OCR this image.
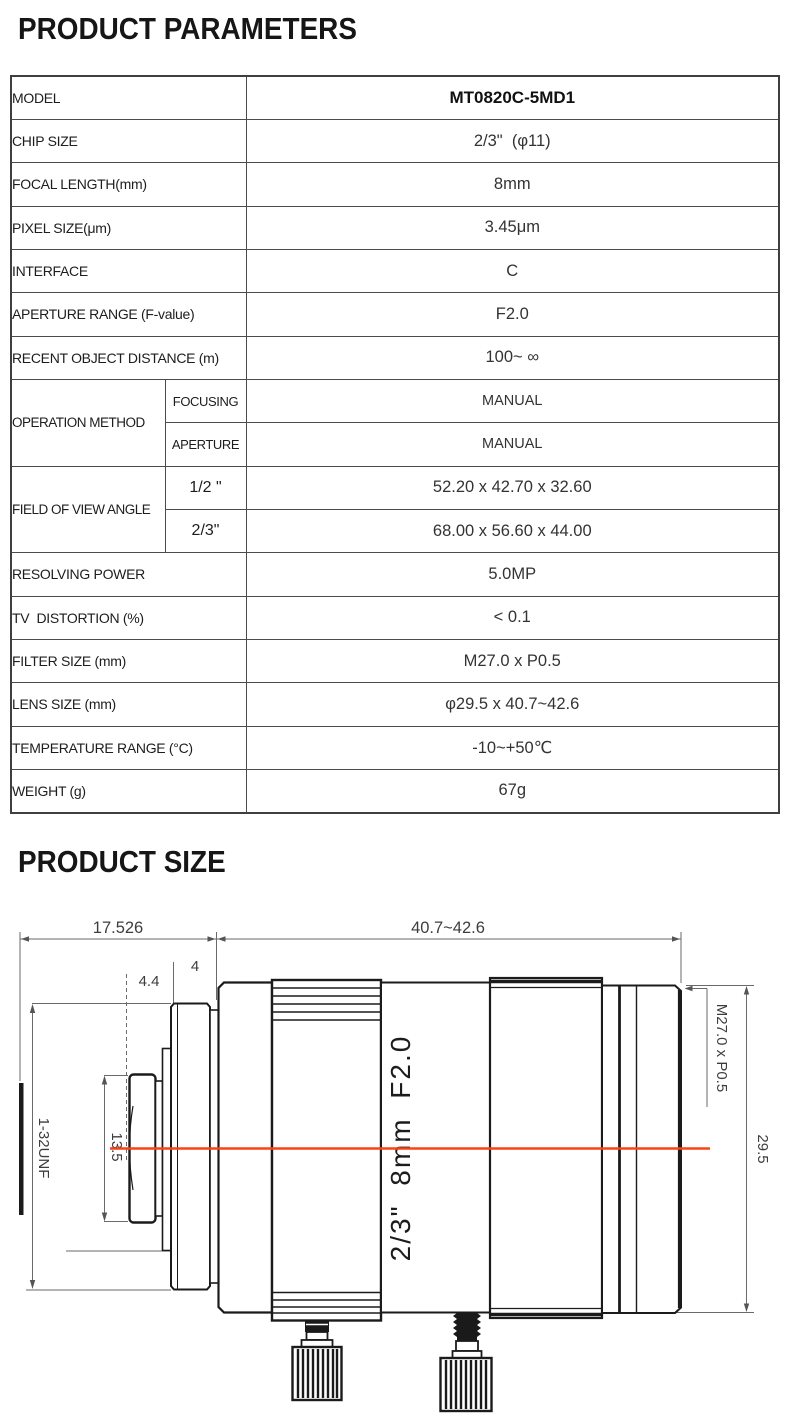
PRODUCT PARAMETERS
MODEL		MT0820C-5MD1
CHIP SIZE		2/3"  (φ11)
FOCAL LENGTH(mm)		8mm
PIXEL SIZE(μm)		3.45μm
INTERFACE		C
APERTURE RANGE (F-value)		F2.0
RECENT OBJECT DISTANCE (m)		100~ ∞
OPERATION METHOD	FOCUSING	MANUAL
	APERTURE	MANUAL
FIELD OF VIEW ANGLE	1/2 "	52.20 x 42.70 x 32.60
	2/3"	68.00 x 56.60 x 44.00
RESOLVING POWER		5.0MP
TV  DISTORTION (%)		< 0.1
FILTER SIZE (mm)		M27.0 x P0.5
LENS SIZE (mm)		φ29.5 x 40.7~42.6
TEMPERATURE RANGE (°C)		-10~+50℃
WEIGHT (g)		67g
PRODUCT SIZE
17.526	40.7~42.6
4
4.4
1-32UNF	13.5
M27.0 x P0.5
29.5
2/3" 8mm F2.0
